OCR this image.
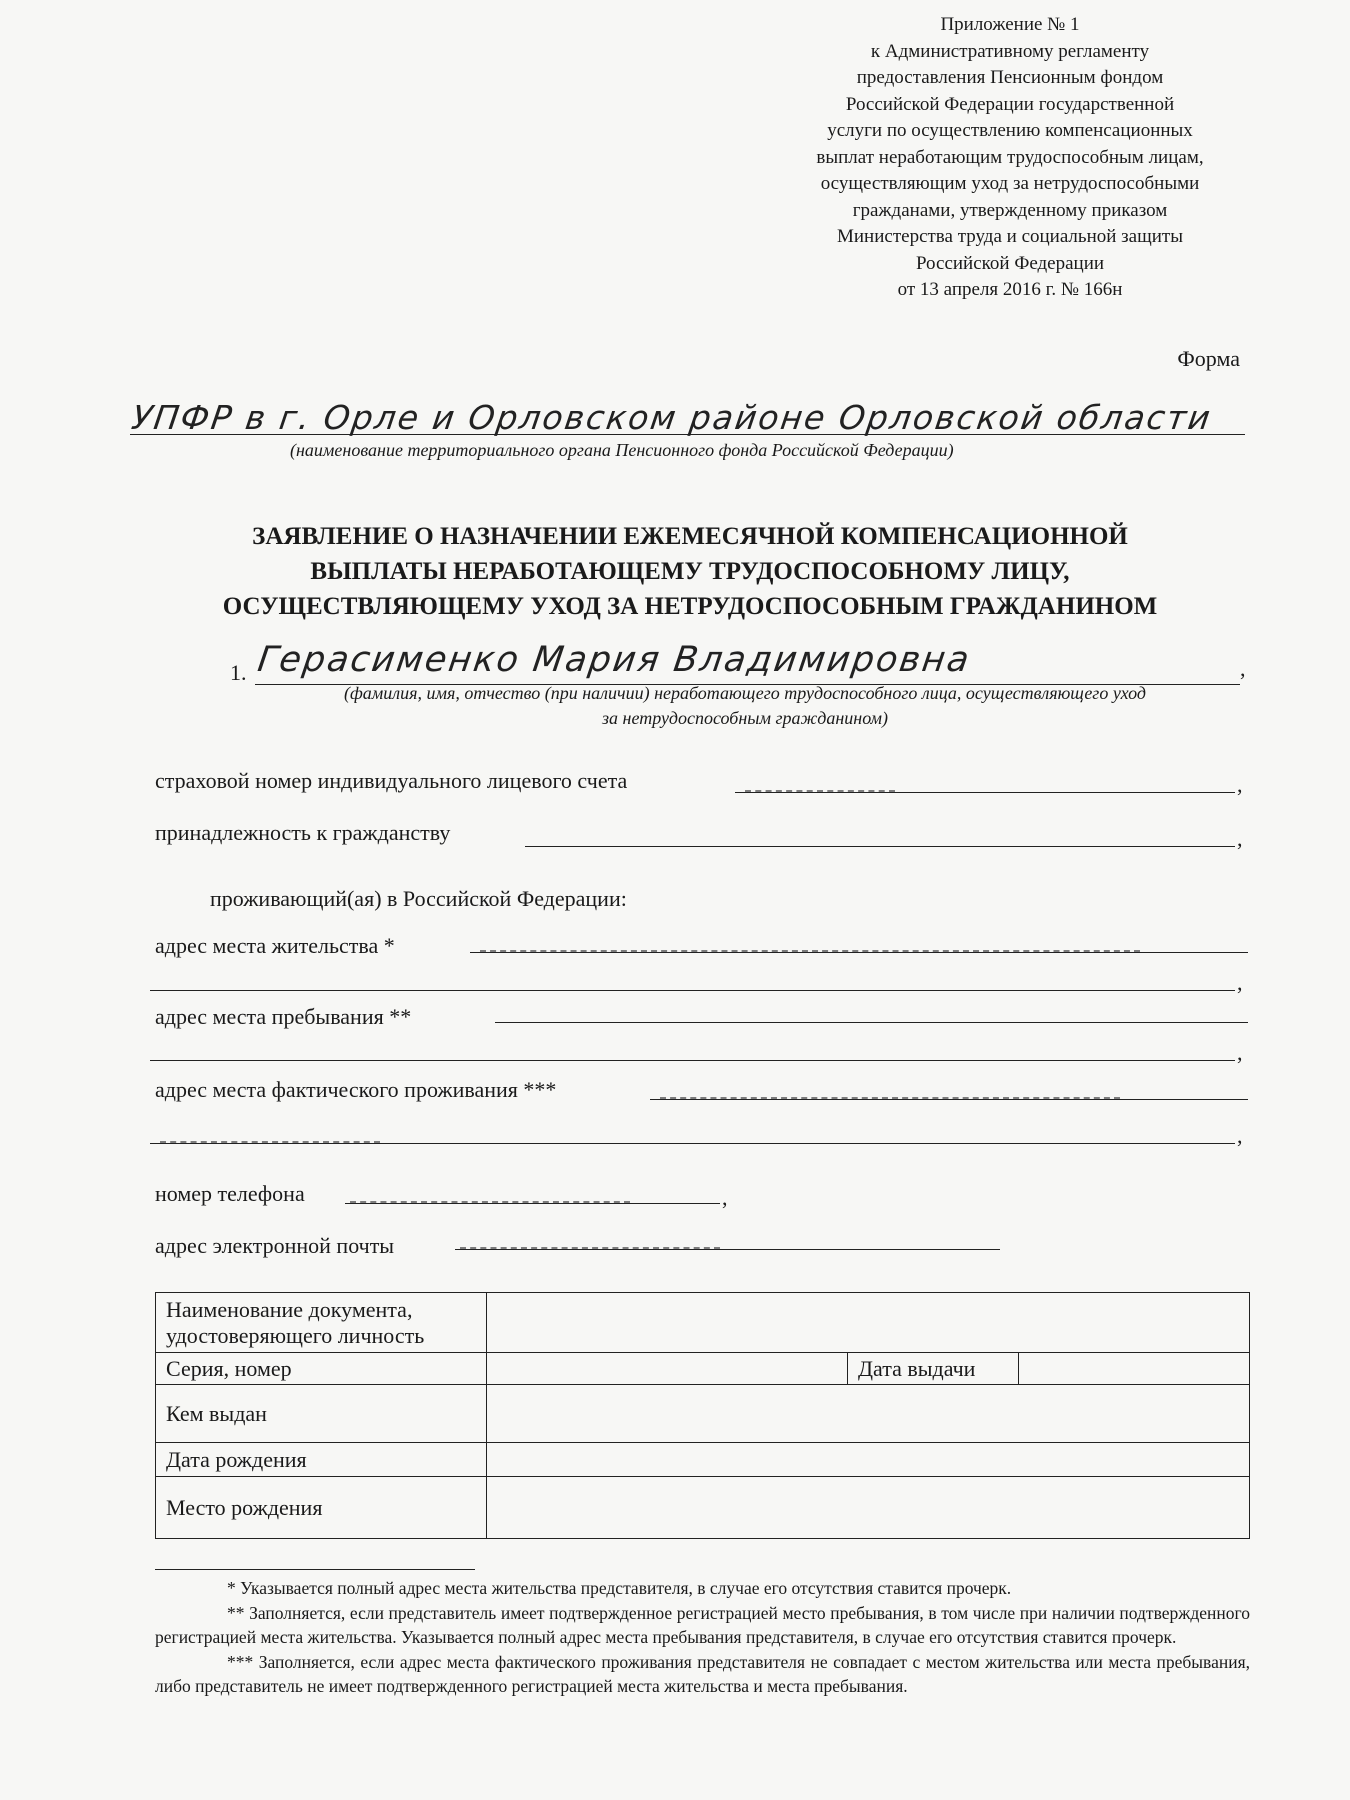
Приложение № 1
к Административному регламенту
предоставления Пенсионным фондом
Российской Федерации государственной
услуги по осуществлению компенсационных
выплат неработающим трудоспособным лицам,
осуществляющим уход за нетрудоспособными
гражданами, утвержденному приказом
Министерства труда и социальной защиты
Российской Федерации
от 13 апреля 2016 г. № 166н
Форма
УПФР в г. Орле и Орловском районе Орловской области
(наименование территориального органа Пенсионного фонда Российской Федерации)
ЗАЯВЛЕНИЕ О НАЗНАЧЕНИИ ЕЖЕМЕСЯЧНОЙ КОМПЕНСАЦИОННОЙ
ВЫПЛАТЫ НЕРАБОТАЮЩЕМУ ТРУДОСПОСОБНОМУ ЛИЦУ,
ОСУЩЕСТВЛЯЮЩЕМУ УХОД ЗА НЕТРУДОСПОСОБНЫМ ГРАЖДАНИНОМ
1. Герасименко Мария Владимировна	,
(фамилия, имя, отчество (при наличии) неработающего трудоспособного лица, осуществляющего уход
за нетрудоспособным гражданином)
страховой номер индивидуального лицевого счета	,
принадлежность к гражданству	,
проживающий(ая) в Российской Федерации:
адрес места жительства *
,
адрес места пребывания **
,
адрес места фактического проживания ***
,
номер телефона	,
адрес электронной почты
Наименование документа, удостоверяющего личность			
Серия, номер		Дата выдачи	
Кем выдан			
Дата рождения			
Место рождения			

* Указывается полный адрес места жительства представителя, в случае его отсутствия ставится прочерк.

** Заполняется, если представитель имеет подтвержденное регистрацией место пребывания, в том числе при наличии подтвержденного регистрацией места жительства. Указывается полный адрес места пребывания представителя, в случае его отсутствия ставится прочерк.

*** Заполняется, если адрес места фактического проживания представителя не совпадает с местом жительства или места пребывания, либо представитель не имеет подтвержденного регистрацией места жительства и места пребывания.
